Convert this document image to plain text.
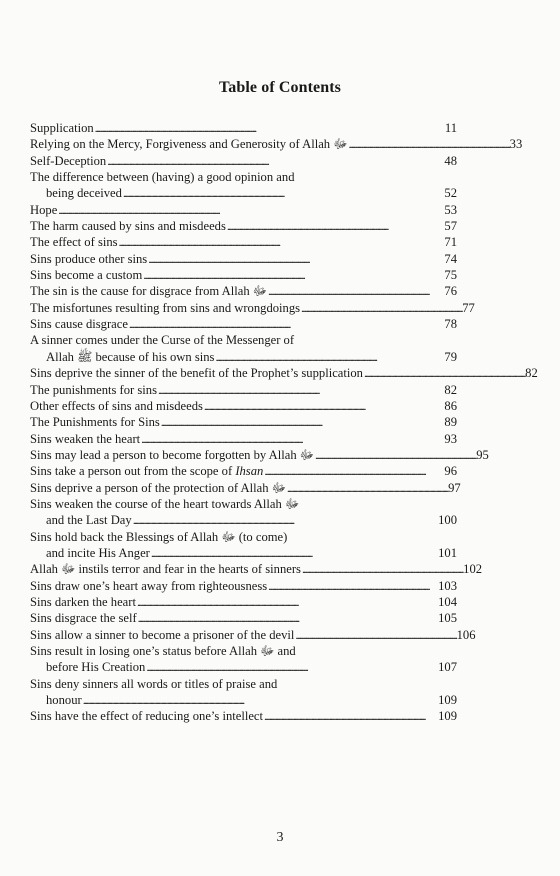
Table of Contents
Supplication . . .	11
Relying on the Mercy, Forgiveness and Generosity of Allah ﷻ . . .	33
Self-Deception . . .	48
The difference between (having) a good opinion and
being deceived . . .	52
Hope . . .	53
The harm caused by sins and misdeeds . . .	57
The effect of sins . . .	71
Sins produce other sins . . .	74
Sins become a custom . . .	75
The sin is the cause for disgrace from Allah ﷻ . . .	76
The misfortunes resulting from sins and wrongdoings . . .	77
Sins cause disgrace . . .	78
A sinner comes under the Curse of the Messenger of
Allah ﷺ because of his own sins . . .	79
Sins deprive the sinner of the benefit of the Prophet’s supplication . . .	82
The punishments for sins . . .	82
Other effects of sins and misdeeds . . .	86
The Punishments for Sins . . .	89
Sins weaken the heart . . .	93
Sins may lead a person to become forgotten by Allah ﷻ . . .	95
Sins take a person out from the scope of Ihsan . . .	96
Sins deprive a person of the protection of Allah ﷻ . . .	97
Sins weaken the course of the heart towards Allah ﷻ
and the Last Day . . .	100
Sins hold back the Blessings of Allah ﷻ (to come)
and incite His Anger . . .	101
Allah ﷻ instils terror and fear in the hearts of sinners . . .	102
Sins draw one’s heart away from righteousness . . .	103
Sins darken the heart . . .	104
Sins disgrace the self . . .	105
Sins allow a sinner to become a prisoner of the devil . . .	106
Sins result in losing one’s status before Allah ﷻ and
before His Creation . . .	107
Sins deny sinners all words or titles of praise and
honour . . .	109
Sins have the effect of reducing one’s intellect . . .	109
3
